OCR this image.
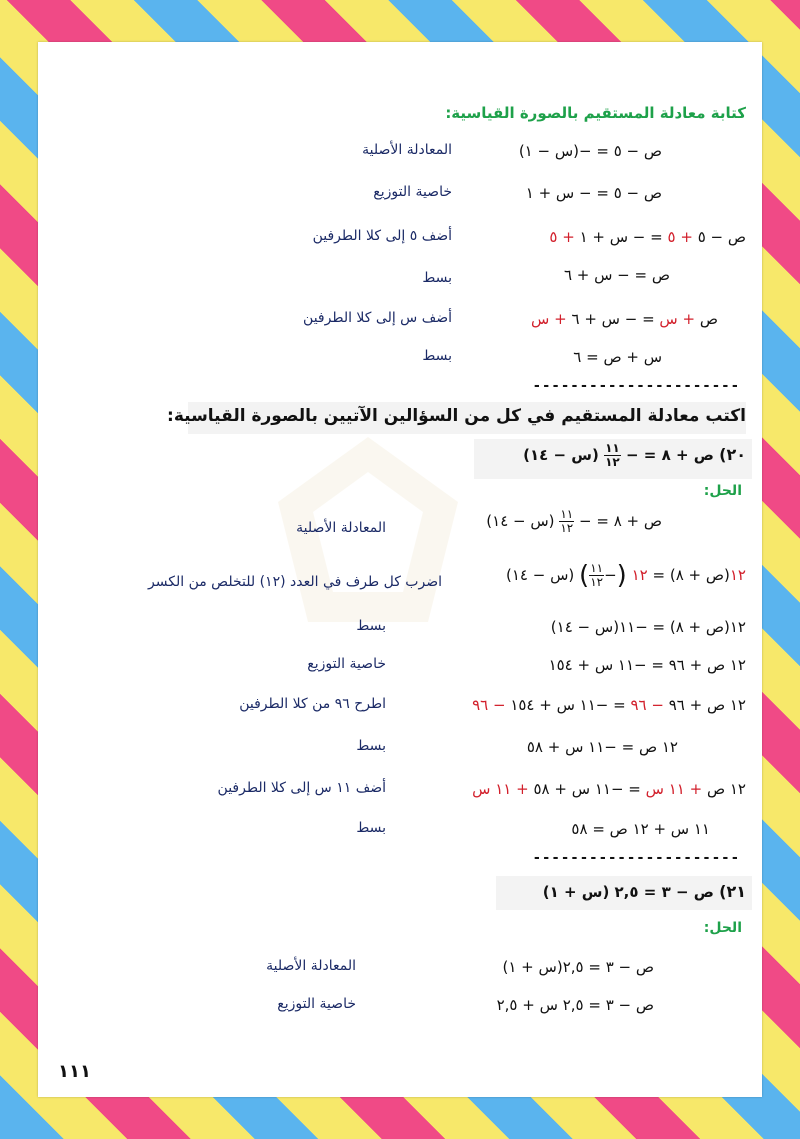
كتابة معادلة المستقيم بالصورة القياسية:
ص − ٥ = −(س − ١)
المعادلة الأصلية
ص − ٥ = − س + ١
خاصية التوزيع
ص − ٥ + ٥ = − س + ١ + ٥
أضف ٥ إلى كلا الطرفين
ص = − س + ٦
بسط
ص + س = − س + ٦ + س
أضف س إلى كلا الطرفين
س + ص = ٦
بسط
----------------------
اكتب معادلة المستقيم في كل من السؤالين الآتيين بالصورة القياسية:
٢٠) ص + ٨ = −
$\frac{١١}{١٢}$
(س − ١٤)
الحل:
ص + ٨ = −
$\frac{١١}{١٢}$
(س − ١٤)
المعادلة الأصلية
١٢(ص + ٨) = ١٢ (−
$\frac{١١}{١٢}$
) (س − ١٤)
اضرب كل طرف في العدد (١٢) للتخلص من الكسر
١٢(ص + ٨) = −١١(س − ١٤)
بسط
١٢ ص + ٩٦ = −١١ س + ١٥٤
خاصية التوزيع
١٢ ص + ٩٦ − ٩٦ = −١١ س + ١٥٤ − ٩٦
اطرح ٩٦ من كلا الطرفين
١٢ ص = −١١ س + ٥٨
بسط
١٢ ص + ١١ س = −١١ س + ٥٨ + ١١ س
أضف ١١ س إلى كلا الطرفين
١١ س + ١٢ ص = ٥٨
بسط
----------------------
٢١) ص − ٣ = ٢,٥ (س + ١)
الحل:
ص − ٣ = ٢,٥(س + ١)
المعادلة الأصلية
ص − ٣ = ٢,٥ س + ٢,٥
خاصية التوزيع
١١١
